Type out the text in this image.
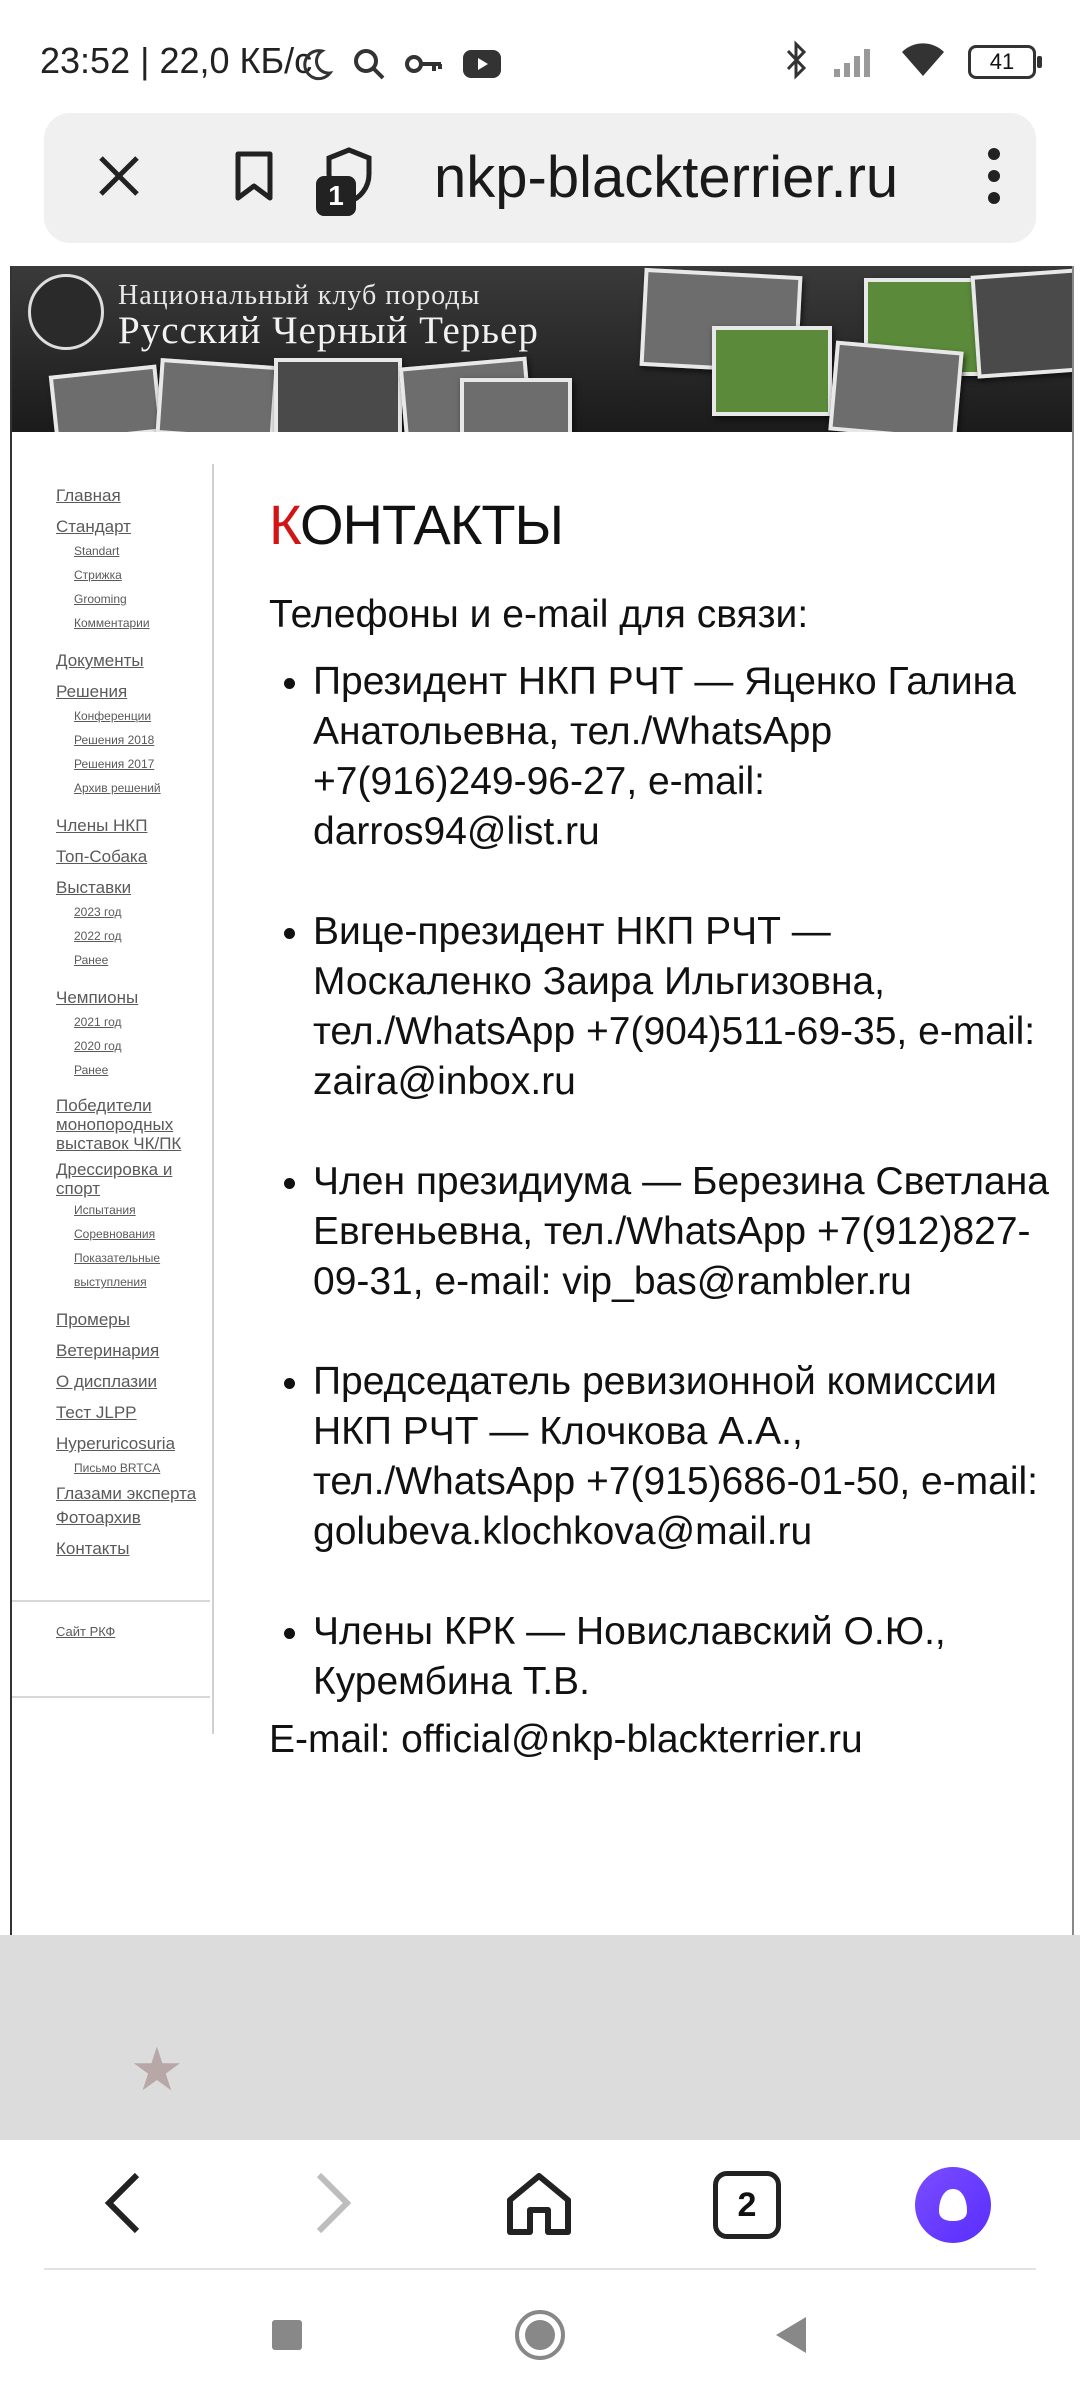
23:52 | 22,0 КБ/с	41
nkp-blackterrier.ru
1
Национальный клуб породы
Русский Черный Терьер
Главная
Стандарт
Standart
Стрижка
Grooming
Комментарии
Документы
Решения
Конференции
Решения 2018
Решения 2017
Архив решений
Члены НКП
Топ-Собака
Выставки
2023 год
2022 год
Ранее
Чемпионы
2021 год
2020 год
Ранее
Победители монопородных выставок ЧК/ПК
Дрессировка и спорт
Испытания
Соревнования
Показательные выступления
Промеры
Ветеринария
О дисплазии
Тест JLPP
Hyperuricosuria
Письмо BRTCA
Глазами эксперта
Фотоархив
Контакты
Сайт РКФ
КОНТАКТЫ

Телефоны и e-mail для связи:

• Президент НКП РЧТ — Яценко Галина Анатольевна, тел./WhatsApp +7(916)249-96-27, e-mail: darros94@list.ru
• Вице-президент НКП РЧТ — Москаленко Заира Ильгизовна, тел./WhatsApp +7(904)511-69-35, e-mail: zaira@inbox.ru
• Член президиума — Березина Светлана Евгеньевна, тел./WhatsApp +7(912)827-09-31, e-mail: vip_bas@rambler.ru
• Председатель ревизионной комиссии НКП РЧТ — Клочкова А.А., тел./WhatsApp +7(915)686-01-50, e-mail: golubeva.klochkova@mail.ru
• Члены КРК — Новиславский О.Ю., Курембина Т.В.
E-mail: official@nkp-blackterrier.ru
★
2
